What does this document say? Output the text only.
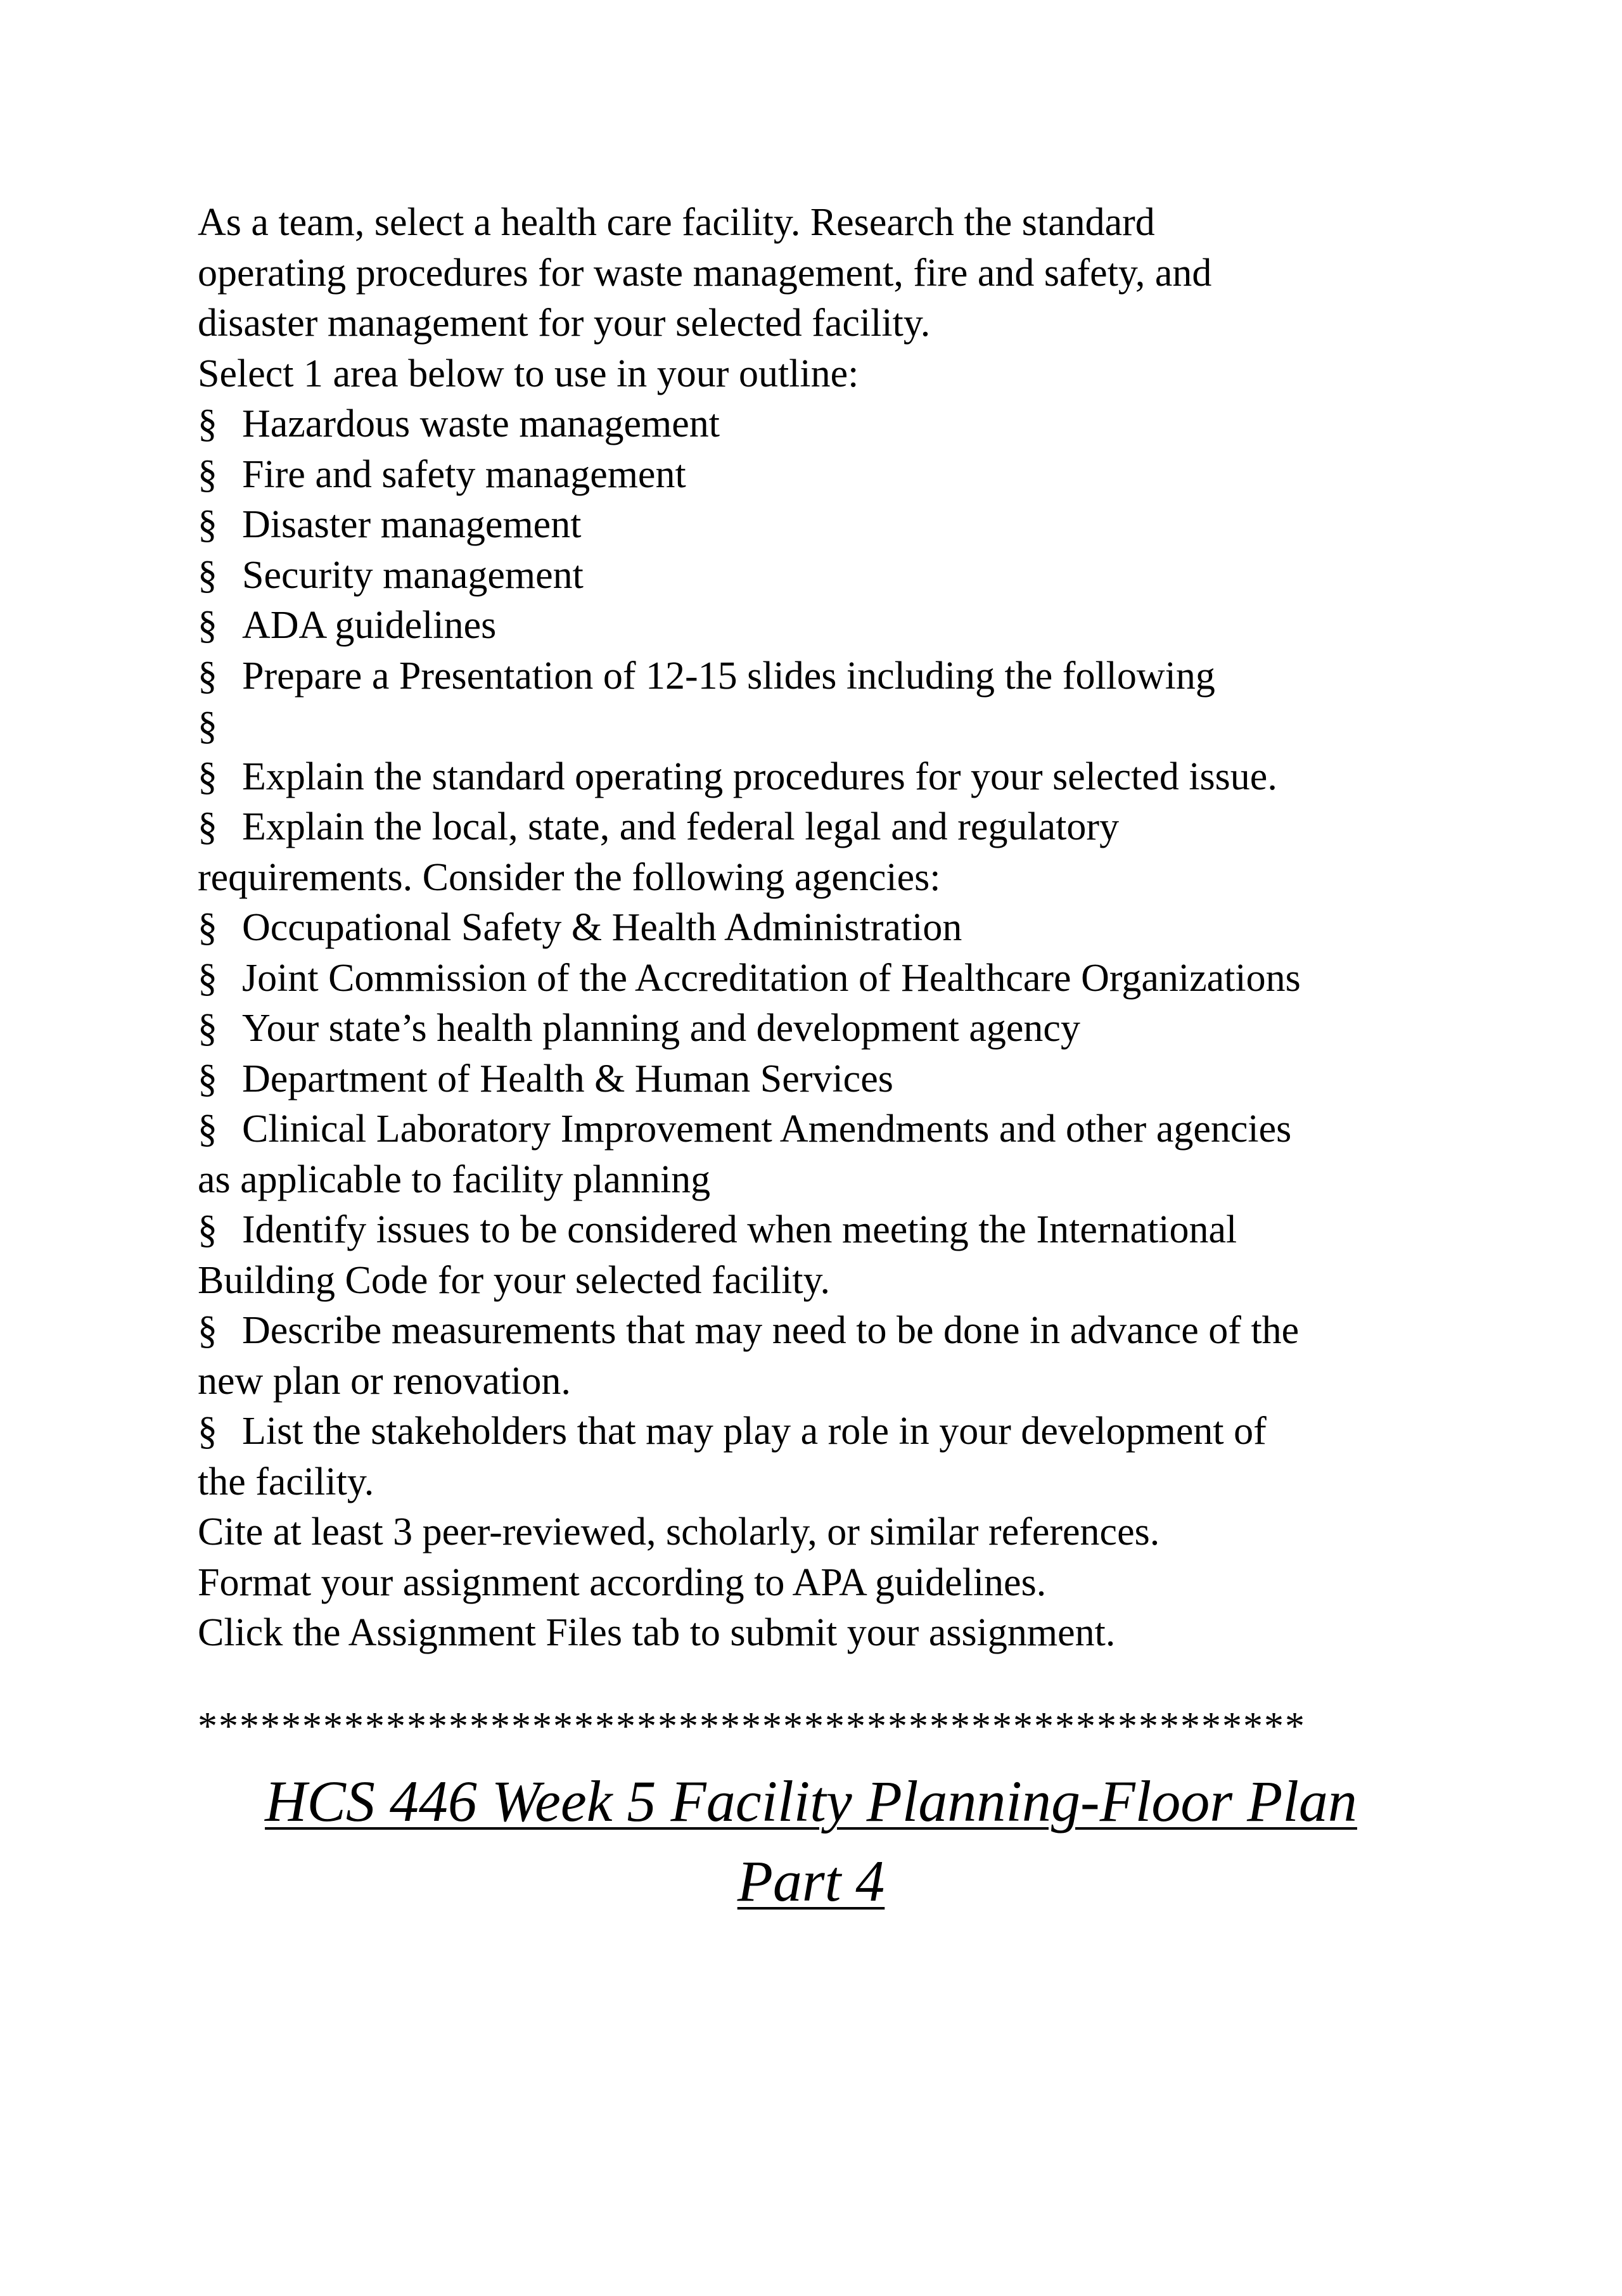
As a team, select a health care facility. Research the standard
operating procedures for waste management, fire and safety, and
disaster management for your selected facility.
Select 1 area below to use in your outline:
§ Hazardous waste management
§ Fire and safety management
§ Disaster management
§ Security management
§ ADA guidelines
§ Prepare a Presentation of 12-15 slides including the following
§
§ Explain the standard operating procedures for your selected issue.
§ Explain the local, state, and federal legal and regulatory
requirements. Consider the following agencies:
§ Occupational Safety & Health Administration
§ Joint Commission of the Accreditation of Healthcare Organizations
§ Your state’s health planning and development agency
§ Department of Health & Human Services
§ Clinical Laboratory Improvement Amendments and other agencies
as applicable to facility planning
§ Identify issues to be considered when meeting the International
Building Code for your selected facility.
§ Describe measurements that may need to be done in advance of the
new plan or renovation.
§ List the stakeholders that may play a role in your development of
the facility.
Cite at least 3 peer-reviewed, scholarly, or similar references.
Format your assignment according to APA guidelines.
Click the Assignment Files tab to submit your assignment.
*****************************************************
HCS 446 Week 5 Facility Planning-Floor Plan
Part 4
